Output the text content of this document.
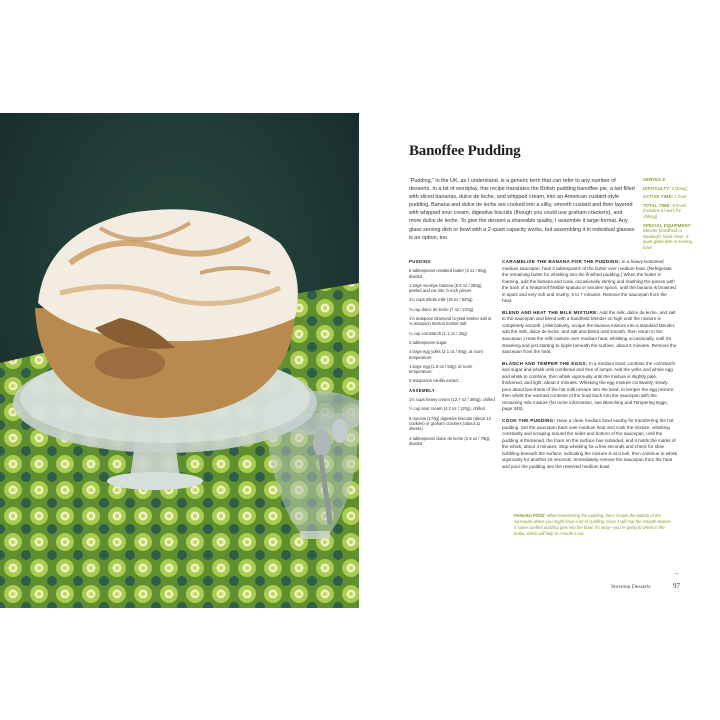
Banoffee Pudding

“Pudding,” in the UK, as I understand, is a generic term that can refer to any number of desserts. In a bit of wordplay, this recipe translates the British pudding banoffee pie, a tart filled with sliced bananas, dulce de leche, and whipped cream, into an American custard-style pudding. Banana and dulce de leche are cooked into a silky, smooth custard and then layered with whipped sour cream, digestive biscuits (though you could use graham crackers), and more dulce de leche. To give the dessert a shareable quality, I assemble it large-format. Any glass serving dish or bowl with a 2-quart capacity works, but assembling it in individual glasses is an option, too.

SERVES 8
DIFFICULTY: 2 (Easy)
ACTIVE TIME: 1 hour
TOTAL TIME: 9 hours (includes 8 hours for chilling)
SPECIAL EQUIPMENT: Blender (handheld or standard), hand mixer, 2-quart glass dish or serving bowl
PUDDING
6 tablespoons unsalted butter (3 oz / 85g), divided
1 large overripe banana (8.8 oz / 250g), peeled and cut into ½-inch pieces
2¼ cups whole milk (19 oz / 540g)
¾ cup dulce de leche (7 oz / 210g)
1½ teaspoon Diamond Crystal kosher salt or ¾ teaspoon Morton kosher salt
¼ cup cornstarch (1.1 oz / 32g)
2 tablespoons sugar
4 large egg yolks (2.1 oz / 60g), at room temperature
1 large egg (1.8 oz / 50g), at room temperature
2 teaspoons vanilla extract
ASSEMBLY
1½ cups heavy cream (12.7 oz / 360g), chilled
½ cup sour cream (4.2 oz / 120g), chilled
6 ounces (170g) digestive biscuits (about 12 cookies) or graham crackers (about 11 sheets)
4 tablespoons dulce de leche (2.8 oz / 79g), divided

CARAMELIZE THE BANANA FOR THE PUDDING: In a heavy-bottomed medium saucepan, heat 2 tablespoons of the butter over medium heat. (Refrigerate the remaining butter for whisking into the finished pudding.) When the butter is foaming, add the banana and cook, occasionally stirring and mashing the pieces with the back of a heatproof flexible spatula or wooden spoon, until the banana is browned in spots and very soft and mushy, 5 to 7 minutes. Remove the saucepan from the heat.

BLEND AND HEAT THE MILK MIXTURE: Add the milk, dulce de leche, and salt to the saucepan and blend with a handheld blender on high until the mixture is completely smooth. (Alternatively, scrape the banana mixture into a standard blender, add the milk, dulce de leche, and salt and blend until smooth, then return to the saucepan.) Heat the milk mixture over medium heat, whisking occasionally, until it’s steaming and just starting to ripple beneath the surface, about 5 minutes. Remove the saucepan from the heat.

BLANCH AND TEMPER THE EGGS: In a medium bowl, combine the cornstarch and sugar and whisk until combined and free of lumps. Add the yolks and whole egg and whisk to combine, then whisk vigorously until the mixture is slightly pale, thickened, and light, about 2 minutes. Whisking the egg mixture constantly, slowly pour about two-thirds of the hot milk mixture into the bowl, to temper the egg mixture, then whisk the warmed contents of the bowl back into the saucepan with the remaining milk mixture (for more information, see Blanching and Tempering Eggs, page 348).

COOK THE PUDDING: Have a clean medium bowl nearby for transferring the hot pudding. Set the saucepan back over medium heat and cook the mixture, whisking constantly and scraping around the sides and bottom of the saucepan, until the pudding is thickened, the foam on the surface has subsided, and it holds the marks of the whisk, about 4 minutes. Stop whisking for a few seconds and check for slow bubbling beneath the surface, indicating the mixture is at a boil, then continue to whisk vigorously for another 15 seconds. Immediately remove the saucepan from the heat and pour the pudding into the reserved medium bowl.

Potential Pitfall: When transferring the pudding, don’t scrape the bottom of the saucepan where you might have a bit of curdling, since it will mar the smooth texture. If some curdled pudding gets into the bowl, it’s okay—you’re going to whisk in the butter, which will help to smooth it out.
→
Stovetop Desserts	97
